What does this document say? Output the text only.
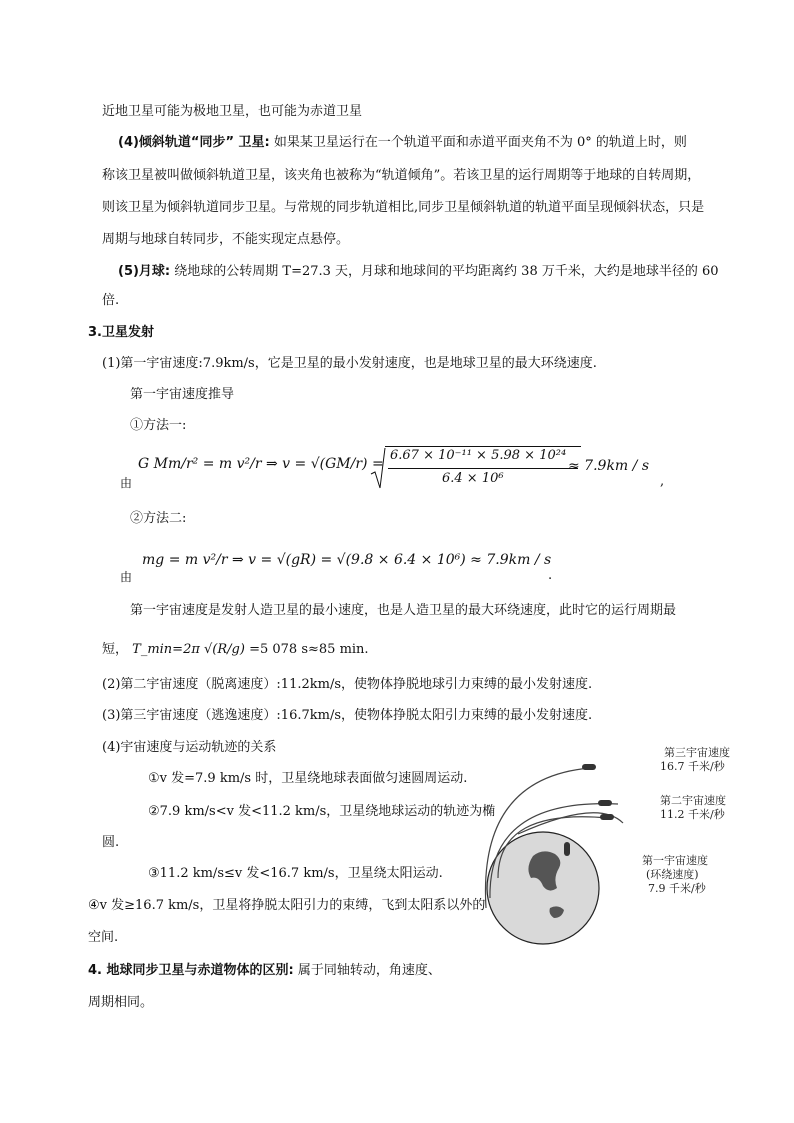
近地卫星可能为极地卫星，也可能为赤道卫星
(4)倾斜轨道“同步” 卫星: 如果某卫星运行在一个轨道平面和赤道平面夹角不为 0° 的轨道上时，则
称该卫星被叫做倾斜轨道卫星，该夹角也被称为“轨道倾角”。若该卫星的运行周期等于地球的自转周期，
则该卫星为倾斜轨道同步卫星。与常规的同步轨道相比,同步卫星倾斜轨道的轨道平面呈现倾斜状态，只是
周期与地球自转同步，不能实现定点悬停。
(5)月球: 绕地球的公转周期 T=27.3 天，月球和地球间的平均距离约 38 万千米，大约是地球半径的 60
倍.
3.卫星发射
(1)第一宇宙速度:7.9km/s，它是卫星的最小发射速度，也是地球卫星的最大环绕速度.
第一宇宙速度推导
①方法一:
由
G Mm/r² = m v²/r ⇒ v = √(GM/r) =
6.67 × 10⁻¹¹ × 5.98 × 10²⁴
6.4 × 10⁶
≈ 7.9km / s
,
②方法二:
由
mg = m v²/r ⇒ v = √(gR) = √(9.8 × 6.4 × 10⁶) ≈ 7.9km / s
.
第一宇宙速度是发射人造卫星的最小速度，也是人造卫星的最大环绕速度，此时它的运行周期最
短， T_min=2π √(R/g) =5 078 s≈85 min.
(2)第二宇宙速度（脱离速度）:11.2km/s，使物体挣脱地球引力束缚的最小发射速度.
(3)第三宇宙速度（逃逸速度）:16.7km/s，使物体挣脱太阳引力束缚的最小发射速度.
(4)宇宙速度与运动轨迹的关系
①v 发=7.9 km/s 时，卫星绕地球表面做匀速圆周运动.
②7.9 km/s<v 发<11.2 km/s，卫星绕地球运动的轨迹为椭
圆.
③11.2 km/s≤v 发<16.7 km/s，卫星绕太阳运动.
④v 发≥16.7 km/s，卫星将挣脱太阳引力的束缚，飞到太阳系以外的
空间.
4. 地球同步卫星与赤道物体的区别: 属于同轴转动，角速度、
周期相同。
第三宇宙速度
16.7 千米/秒
第二宇宙速度
11.2 千米/秒
第一宇宙速度
(环绕速度)
7.9 千米/秒
